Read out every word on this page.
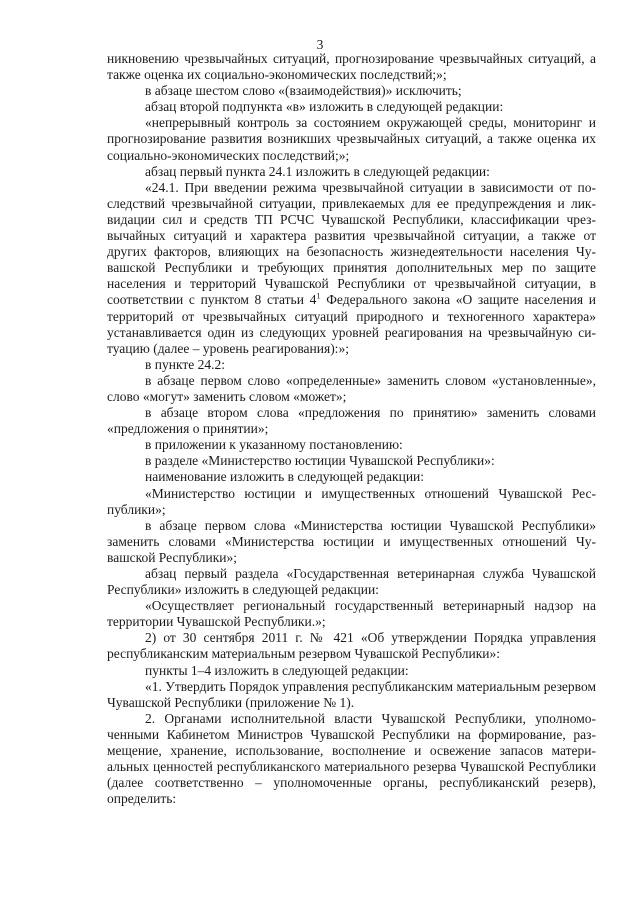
3

никновению чрезвычайных ситуаций, прогнозирование чрезвычайных ситуаций, а также оценка их социально-экономических последствий;»;

в абзаце шестом слово «(взаимодействия)» исключить;

абзац второй подпункта «в» изложить в следующей редакции:

«непрерывный контроль за состоянием окружающей среды, мониторинг и прогнозирование развития возникших чрезвычайных ситуаций, а также оценка их социально-экономических последствий;»;

абзац первый пункта 24.1 изложить в следующей редакции:

«24.1. При введении режима чрезвычайной ситуации в зависимости от последствий чрезвычайной ситуации, привлекаемых для ее предупреждения и ликвидации сил и средств ТП РСЧС Чувашской Республики, классификации чрезвычайных ситуаций и характера развития чрезвычайной ситуации, а также от других факторов, влияющих на безопасность жизнедеятельности населения Чувашской Республики и требующих принятия дополнительных мер по защите населения и территорий Чувашской Республики от чрезвычайной ситуации, в соответствии с пунктом 8 статьи $4^1$ Федерального закона «О защите населения и территорий от чрезвычайных ситуаций природного и техногенного характера» устанавливается один из следующих уровней реагирования на чрезвычайную ситуацию (далее – уровень реагирования):»;

в пункте 24.2:

в абзаце первом слово «определенные» заменить словом «установленные», слово «могут» заменить словом «может»;

в абзаце втором слова «предложения по принятию» заменить словами «предложения о принятии»;

в приложении к указанному постановлению:

в разделе «Министерство юстиции Чувашской Республики»:

наименование изложить в следующей редакции:

«Министерство юстиции и имущественных отношений Чувашской Республики»;

в абзаце первом слова «Министерства юстиции Чувашской Республики» заменить словами «Министерства юстиции и имущественных отношений Чувашской Республики»;

абзац первый раздела «Государственная ветеринарная служба Чувашской Республики» изложить в следующей редакции:

«Осуществляет региональный государственный ветеринарный надзор на территории Чувашской Республики.»;

2) от 30 сентября 2011 г. № 421 «Об утверждении Порядка управления республиканским материальным резервом Чувашской Республики»:

пункты 1–4 изложить в следующей редакции:

«1. Утвердить Порядок управления республиканским материальным резервом Чувашской Республики (приложение № 1).

2. Органами исполнительной власти Чувашской Республики, уполномоченными Кабинетом Министров Чувашской Республики на формирование, размещение, хранение, использование, восполнение и освежение запасов материальных ценностей республиканского материального резерва Чувашской Республики (далее соответственно – уполномоченные органы, республиканский резерв), определить:
